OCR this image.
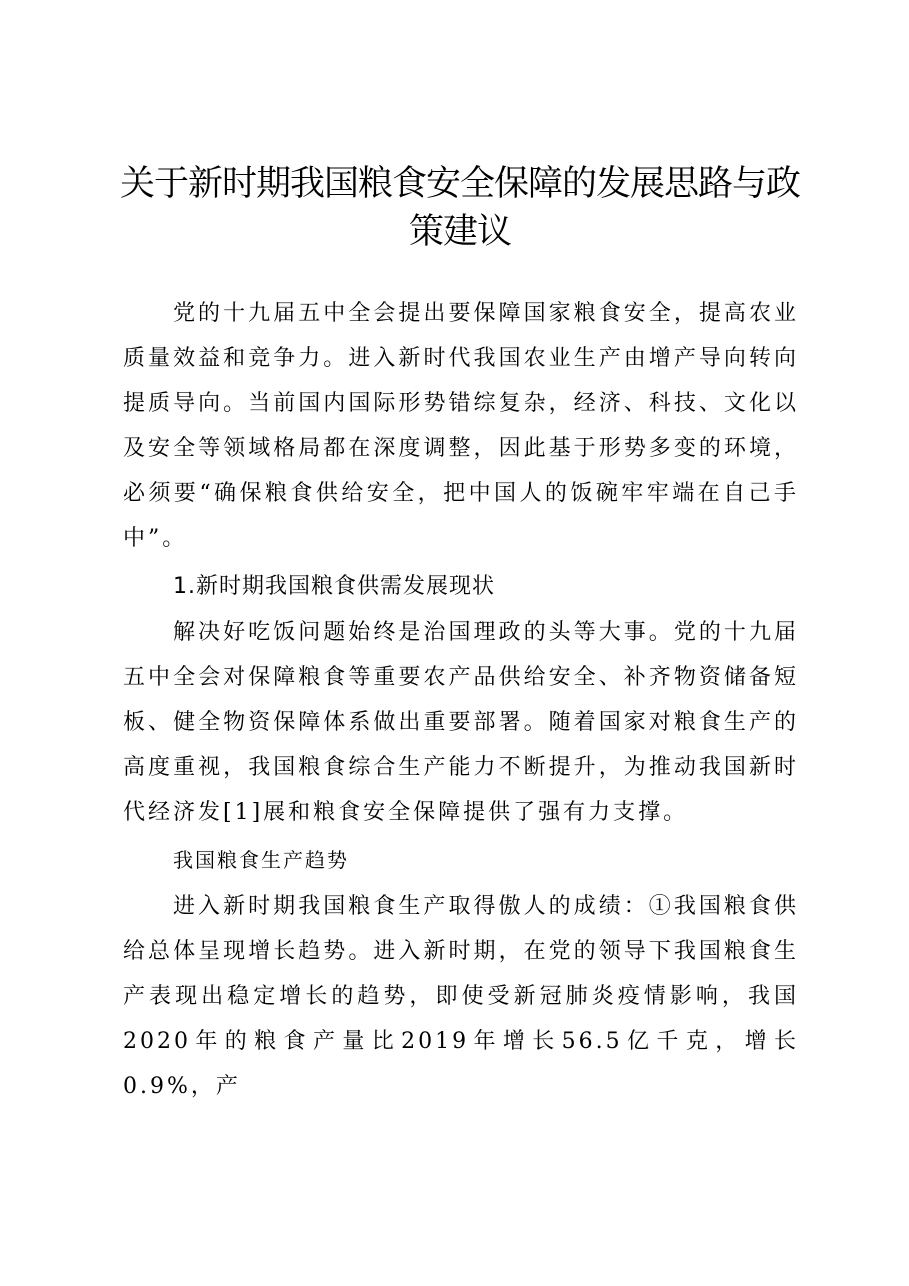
关于新时期我国粮食安全保障的发展思路与政策建议

党的十九届五中全会提出要保障国家粮食安全，提高农业质量效益和竞争力。进入新时代我国农业生产由增产导向转向提质导向。当前国内国际形势错综复杂，经济、科技、文化以及安全等领域格局都在深度调整，因此基于形势多变的环境，必须要“确保粮食供给安全，把中国人的饭碗牢牢端在自己手中”。

1.新时期我国粮食供需发展现状

解决好吃饭问题始终是治国理政的头等大事。党的十九届五中全会对保障粮食等重要农产品供给安全、补齐物资储备短板、健全物资保障体系做出重要部署。随着国家对粮食生产的高度重视，我国粮食综合生产能力不断提升，为推动我国新时代经济发[1]展和粮食安全保障提供了强有力支撑。

我国粮食生产趋势

进入新时期我国粮食生产取得傲人的成绩：①我国粮食供给总体呈现增长趋势。进入新时期，在党的领导下我国粮食生产表现出稳定增长的趋势，即使受新冠肺炎疫情影响，我国2020年的粮食产量比2019年增长56.5亿千克，增长0.9%，产
